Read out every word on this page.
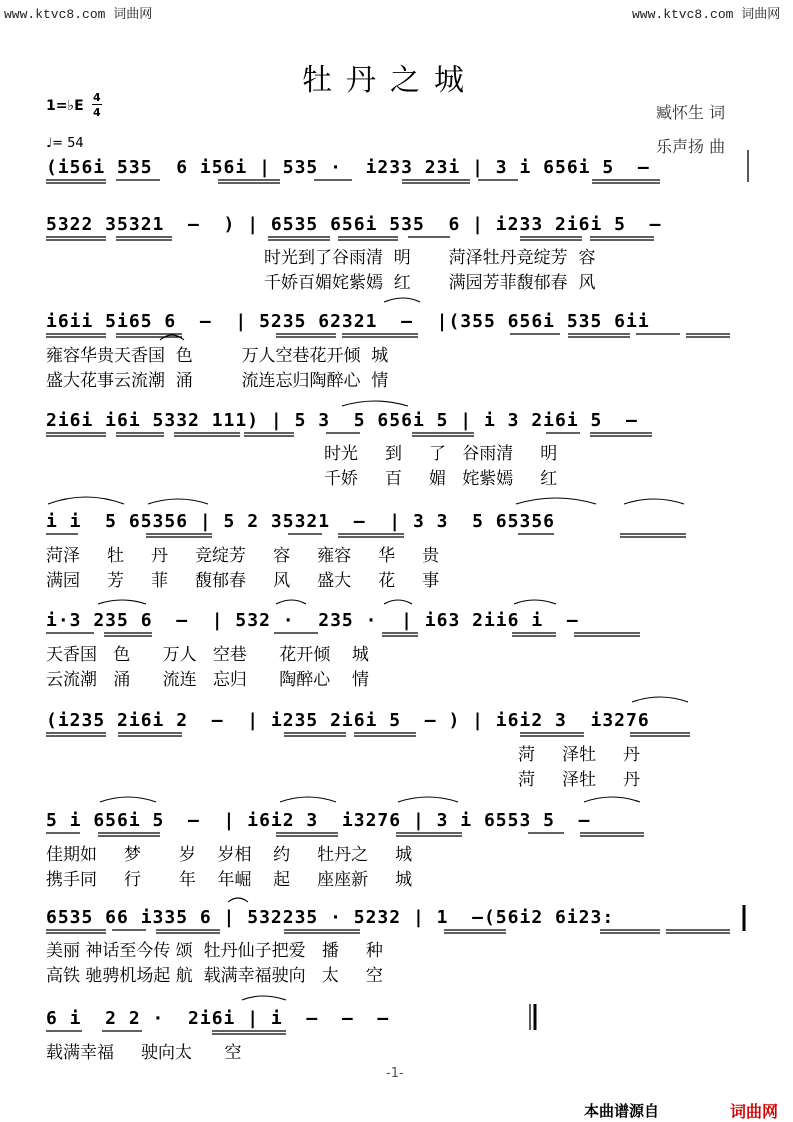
www.ktvc8.com 词曲网	www.ktvc8.com 词曲网
牡丹之城
1=♭E
4
4
♩= 54
臧怀生 词
乐声扬 曲
(i56i 535  6 i56i | 535 ·  i233 23i | 3 i 656i 5  –
5322 35321  –  ) | 6535 656i 535  6 | i233 2i6i 5  –
时光到了谷雨清  明       菏泽牡丹竞绽芳  容
千娇百媚姹紫嫣  红       满园芳菲馥郁春  风
i6ii 5i65 6  –  | 5235 62321  –  |(355 656i 535 6ii
雍容华贵天香国  色         万人空巷花开倾  城
盛大花事云流潮  涌         流连忘归陶醉心  情
2i6i i6i 5332 111) | 5 3  5 656i 5 | i 3 2i6i 5  –
时光     到     了   谷雨清     明
千娇     百     媚   姹紫嫣     红
i i  5 65356 | 5 2 35321  –  | 3 3  5 65356
菏泽     牡     丹     竞绽芳     容     雍容     华     贵
满园     芳     菲     馥郁春     风     盛大     花     事
i·3 235 6  –  | 532 ·  235 ·  | i63 2ii6 i  –
天香国   色      万人   空巷      花开倾    城
云流潮   涌      流连   忘归      陶醉心    情
(i235 2i6i 2  –  | i235 2i6i 5  – ) | i6i2 3  i3276
菏     泽牡     丹
菏     泽牡     丹
5 i 656i 5  –  | i6i2 3  i3276 | 3 i 6553 5  –
佳期如     梦       岁    岁相    约     牡丹之     城
携手同     行       年    年崛    起     座座新     城
6535 66 i335 6 | 532235 · 5232 | 1  –(56i2 6i23:
美丽 神话至今传 颂  牡丹仙子把爱   播     种
高铁 驰骋机场起 航  载满幸福驶向   太     空
6 i  2 2 ·  2i6i | i  –  –  –
载满幸福     驶向太      空
-1-
本曲谱源自	词曲网
